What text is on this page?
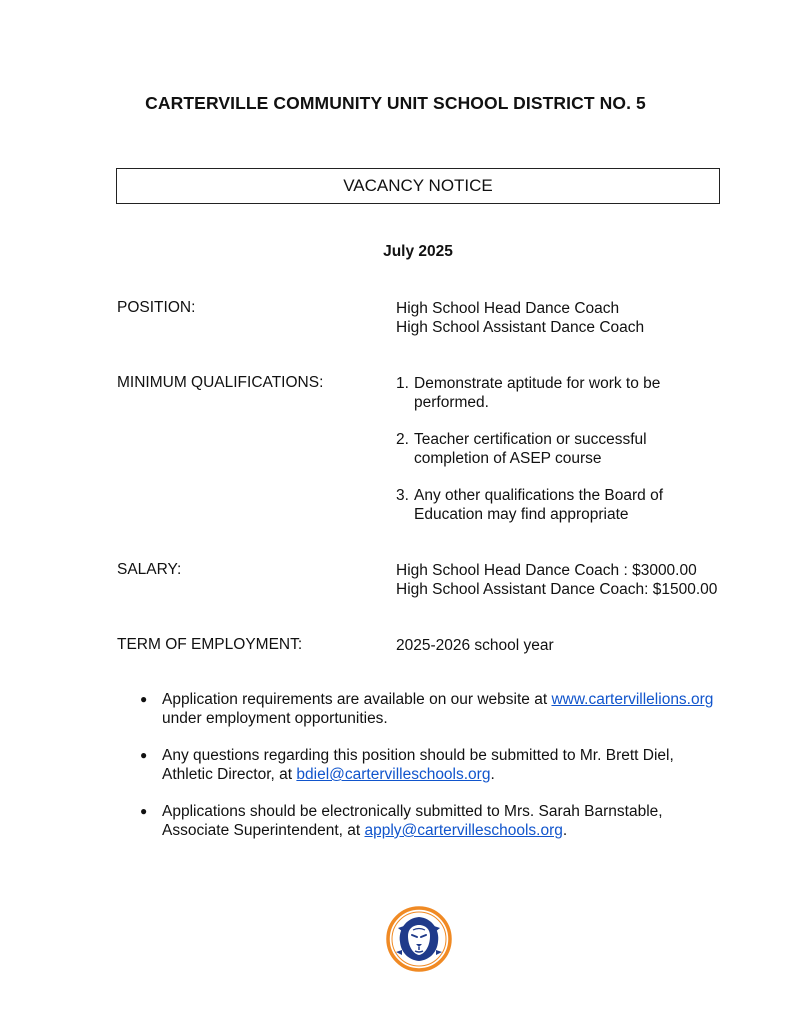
CARTERVILLE COMMUNITY UNIT SCHOOL DISTRICT NO. 5
VACANCY NOTICE
July 2025
POSITION:	High School Head Dance Coach
High School Assistant Dance Coach
MINIMUM QUALIFICATIONS:	1. Demonstrate aptitude for work to be
performed.
2. Teacher certification or successful
completion of ASEP course
3. Any other qualifications the Board of
Education may find appropriate
SALARY:	High School Head Dance Coach : $3000.00
High School Assistant Dance Coach: $1500.00
TERM OF EMPLOYMENT:	2025-2026 school year
● Application requirements are available on our website at www.cartervillelions.org
under employment opportunities.
● Any questions regarding this position should be submitted to Mr. Brett Diel,
Athletic Director, at bdiel@cartervilleschools.org.
● Applications should be electronically submitted to Mrs. Sarah Barnstable,
Associate Superintendent, at apply@cartervilleschools.org.
